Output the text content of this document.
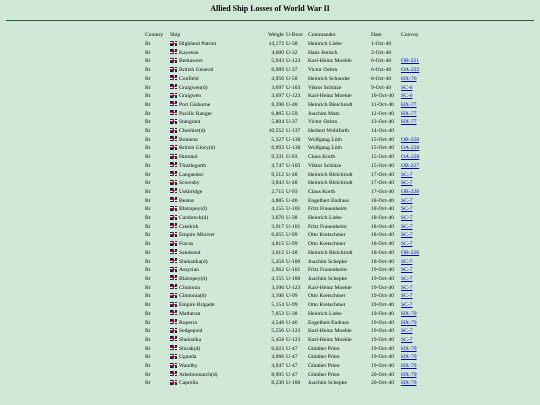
Allied Ship Losses of World War II
Country	Ship	Weight	U-Boot	Commander	Date	Convoy
Br	Highland Patriot	14,172	U-38	Heinrich Liebe	1-Oct-40	
Br	Kayeson	4,600	U-32	Hans Jenisch	2-Oct-40	
Br	Benlawers	5,943	U-123	Karl-Heinz Moehle	6-Oct-40	OB-221
Br	British General	6,989	U-37	Victor Oehrn	6-Oct-40	OA-222
Br	Confield	4,956	U-58	Heinrich Schonder	8-Oct-40	HX-76
Br	Graigwen(d)	3,697	U-103	Viktor Schütze	9-Oct-40	SC-6
Br	Graigwen	3,697	U-123	Karl-Heinz Moehle	10-Oct-40	SC-6
Br	Port Gisborne	8,390	U-48	Heinrich Bleichrodt	11-Oct-40	HX-77
Br	Pacific Ranger	6,865	U-59	Joachim Matz	12-Oct-40	HX-77
Br	Stangrant	5,804	U-37	Victor Oehrn	13-Oct-40	HX-77
Br	Cheshire(d)	10,552	U-137	Herbert Wohlfarth	14-Oct-40	
Br	Bonheur	5,327	U-138	Wolfgang Lüth	15-Oct-40	OB-228
Br	British Glory(d)	6,993	U-138	Wolfgang Lüth	15-Oct-40	OA-228
Br	Hurunui	9,331	U-93	Claus Korth	15-Oct-40	OA-228
Br	Thistlegarth	4,747	U-103	Viktor Schütze	15-Oct-40	OB-227
Br	Languedoc	9,512	U-48	Heinrich Bleichrodt	17-Oct-40	SC-7
Br	Scoresby	3,843	U-48	Heinrich Bleichrodt	17-Oct-40	SC-7
Br	Uskbridge	2,715	U-93	Claus Korth	17-Oct-40	OB-228
Br	Beatus	4,885	U-46	Engelbert Endrass	18-Oct-40	SC-7
Br	Blairspey(d)	4,155	U-101	Fritz Frauenheim	18-Oct-40	SC-7
Br	Carsbreck(d)	3,670	U-38	Heinrich Liebe	18-Oct-40	SC-7
Br	Creekirk	3,917	U-101	Fritz Frauenheim	18-Oct-40	SC-7
Br	Empire Miniver	6,055	U-99	Otto Kretschmer	18-Oct-40	SC-7
Br	Fiscus	4,815	U-99	Otto Kretschmer	18-Oct-40	SC-7
Br	Sandsend	3,612	U-48	Heinrich Bleichrodt	18-Oct-40	OB-228
Br	Shekatika(d)	5,458	U-100	Joachim Schepke	18-Oct-40	SC-7
Br	Assyrian	2,962	U-101	Fritz Frauenheim	19-Oct-40	SC-7
Br	Blairspey(d)	4,155	U-100	Joachim Schepke	19-Oct-40	SC-7
Br	Clintonia	3,106	U-123	Karl-Heinz Moehle	19-Oct-40	SC-7
Br	Clintonia(d)	3,106	U-99	Otto Kretschmer	19-Oct-40	SC-7
Br	Empire Brigade	5,154	U-99	Otto Kretschmer	19-Oct-40	SC-7
Br	Matheran	7,653	U-38	Heinrich Liebe	19-Oct-40	HX-79
Br	Ruperra	4,548	U-46	Engelbert Endrass	19-Oct-40	HX-79
Br	Sedgepool	5,556	U-123	Karl-Heinz Moehle	19-Oct-40	SC-7
Br	Shekatika	5,458	U-123	Karl-Heinz Moehle	19-Oct-40	SC-7
Br	Shirak(d)	6,023	U-47	Günther Prien	19-Oct-40	HX-79
Br	Uganda	4,966	U-47	Günther Prien	19-Oct-40	HX-79
Br	Wandby	4,947	U-47	Günther Prien	19-Oct-40	HX-79
Br	Athelmonarch(d)	8,995	U-47	Günther Prien	20-Oct-40	HX-79
Br	Caprella	8,230	U-100	Joachim Schepke	20-Oct-40	HX-79
